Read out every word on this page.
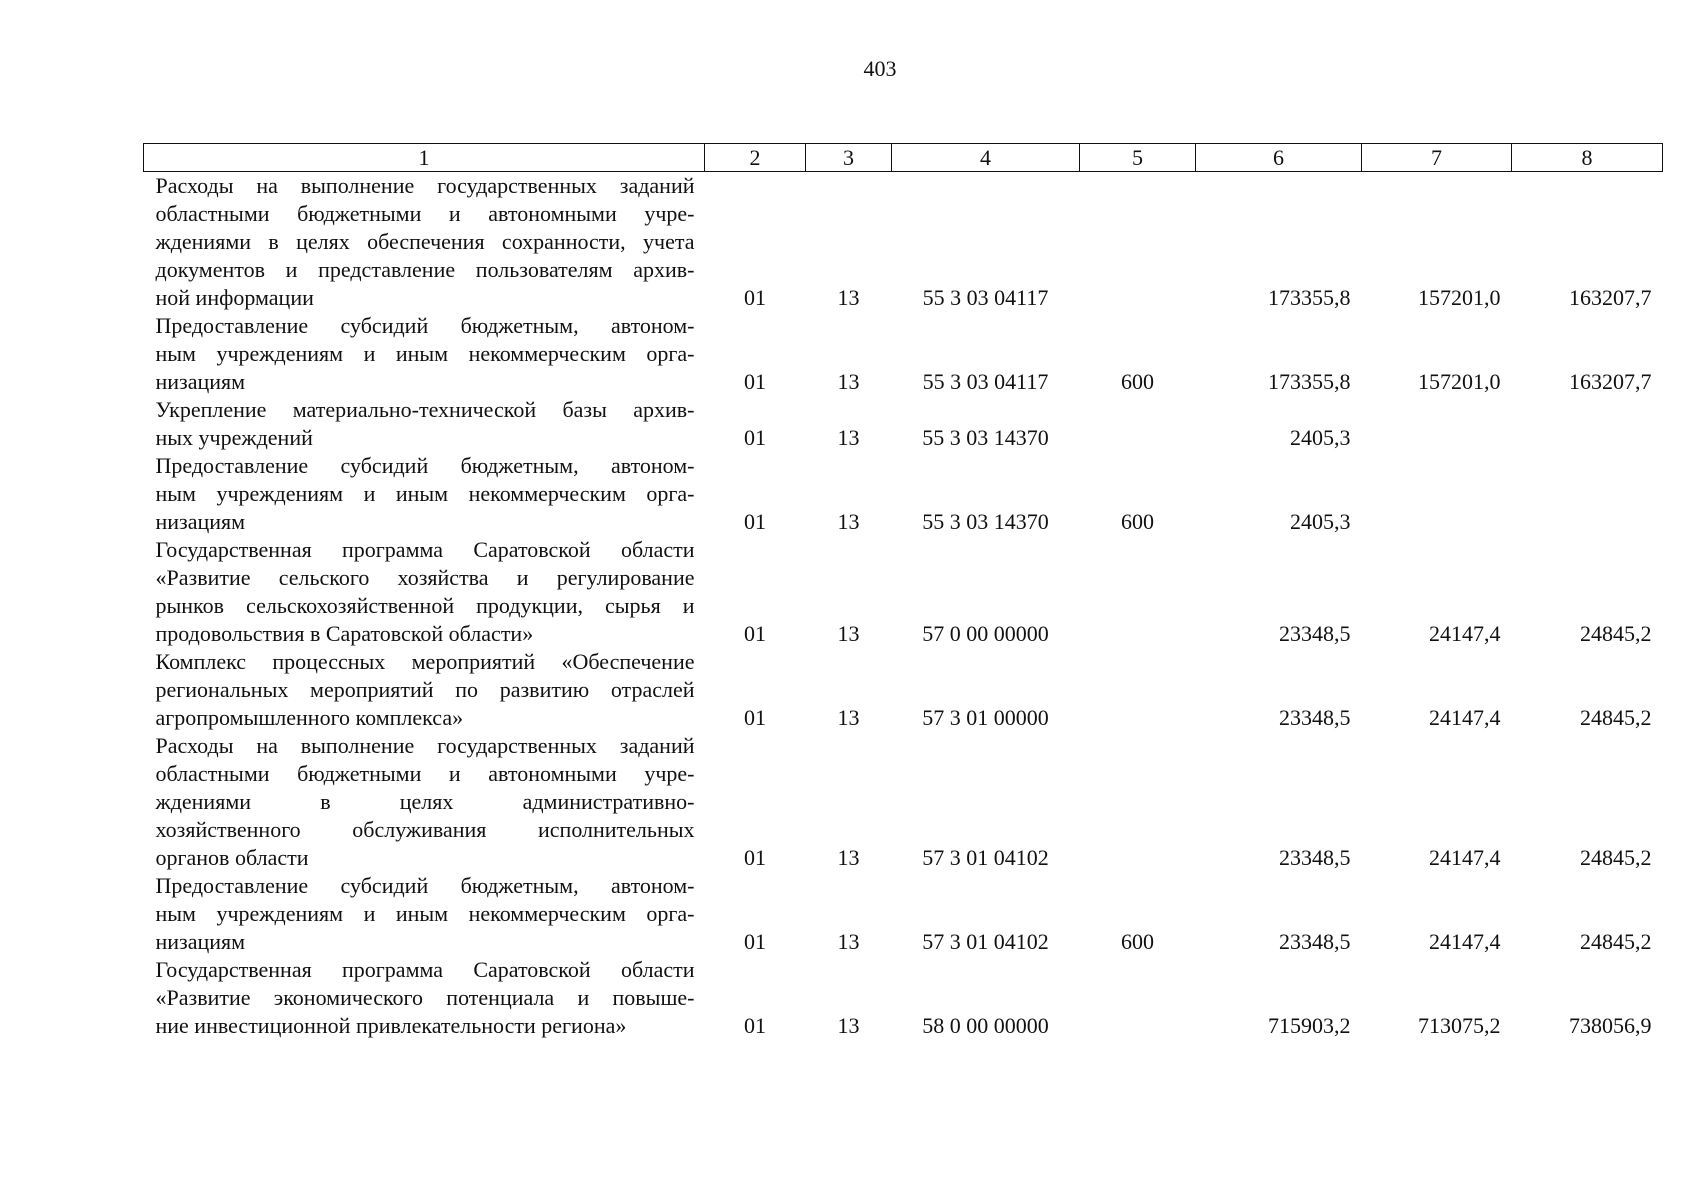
403
1	2	3	4	5	6	7	8

Расходы на выполнение государственных заданий
областными бюджетными и автономными учре-
ждениями в целях обеспечения сохранности, учета
документов и представление пользователям архив-
ной информации	01	13	55 3 03 04117		173355,8	157201,0	163207,7

Предоставление субсидий бюджетным, автоном-
ным учреждениям и иным некоммерческим орга-
низациям	01	13	55 3 03 04117	600	173355,8	157201,0	163207,7

Укрепление материально-технической базы архив-
ных учреждений	01	13	55 3 03 14370		2405,3		

Предоставление субсидий бюджетным, автоном-
ным учреждениям и иным некоммерческим орга-
низациям	01	13	55 3 03 14370	600	2405,3		

Государственная программа Саратовской области
«Развитие сельского хозяйства и регулирование
рынков сельскохозяйственной продукции, сырья и
продовольствия в Саратовской области»	01	13	57 0 00 00000		23348,5	24147,4	24845,2

Комплекс процессных мероприятий «Обеспечение
региональных мероприятий по развитию отраслей
агропромышленного комплекса»	01	13	57 3 01 00000		23348,5	24147,4	24845,2

Расходы на выполнение государственных заданий
областными бюджетными и автономными учре-
ждениями в целях административно-
хозяйственного обслуживания исполнительных
органов области	01	13	57 3 01 04102		23348,5	24147,4	24845,2

Предоставление субсидий бюджетным, автоном-
ным учреждениям и иным некоммерческим орга-
низациям	01	13	57 3 01 04102	600	23348,5	24147,4	24845,2

Государственная программа Саратовской области
«Развитие экономического потенциала и повыше-
ние инвестиционной привлекательности региона»	01	13	58 0 00 00000		715903,2	713075,2	738056,9
